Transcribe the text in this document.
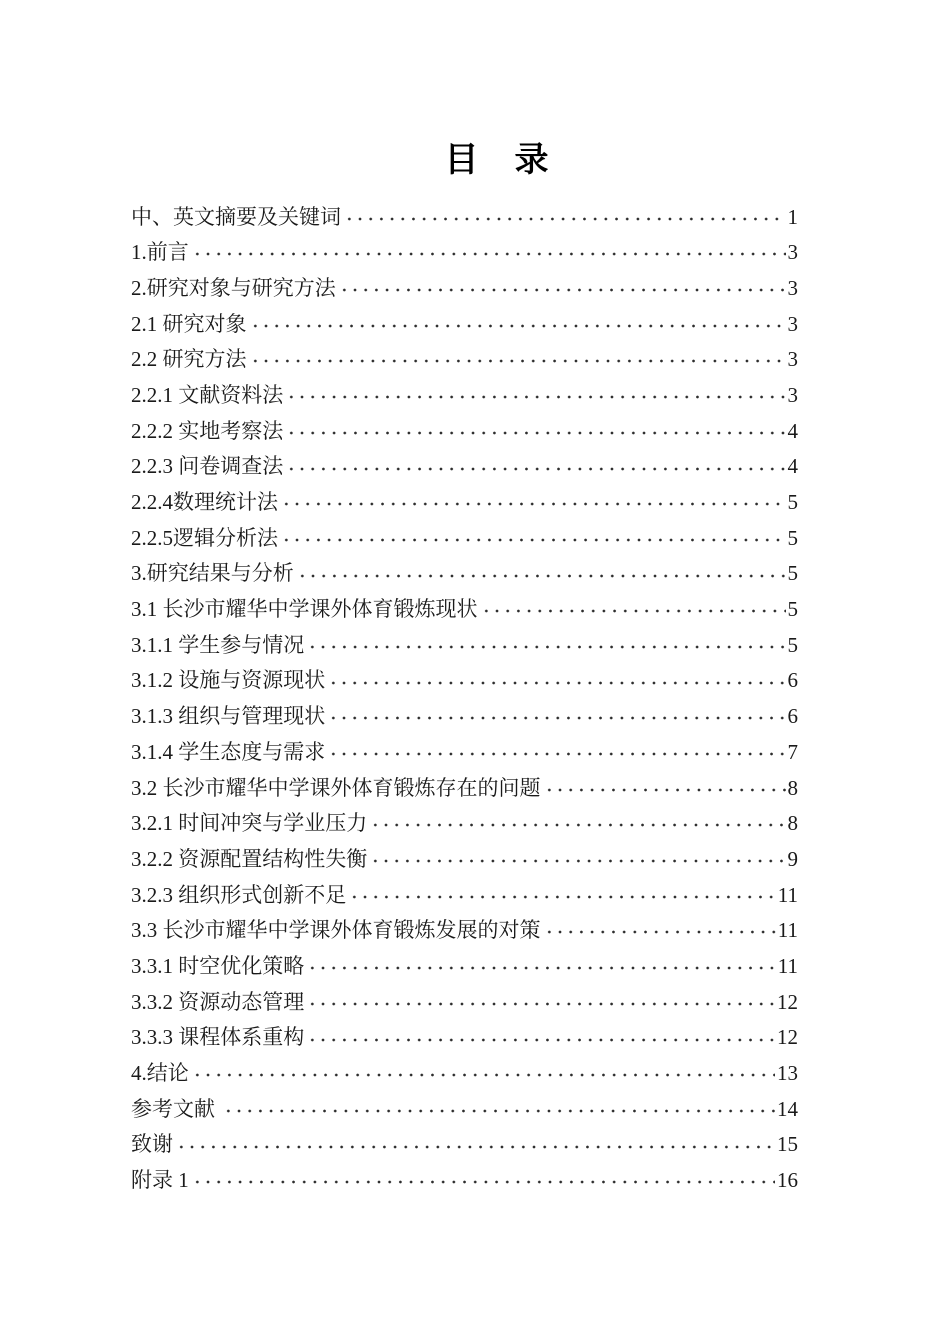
目　录
中、英文摘要及关键词	1
1.前言	3
2.研究对象与研究方法	3
2.1 研究对象	3
2.2 研究方法	3
2.2.1 文献资料法	3
2.2.2 实地考察法	4
2.2.3 问卷调查法	4
2.2.4数理统计法	5
2.2.5逻辑分析法	5
3.研究结果与分析	5
3.1 长沙市耀华中学课外体育锻炼现状	5
3.1.1 学生参与情况	5
3.1.2 设施与资源现状	6
3.1.3 组织与管理现状	6
3.1.4 学生态度与需求	7
3.2 长沙市耀华中学课外体育锻炼存在的问题	8
3.2.1 时间冲突与学业压力	8
3.2.2 资源配置结构性失衡	9
3.2.3 组织形式创新不足	11
3.3 长沙市耀华中学课外体育锻炼发展的对策	11
3.3.1 时空优化策略	11
3.3.2 资源动态管理	12
3.3.3 课程体系重构	12
4.结论	13
参考文献	14
致谢	15
附录 1	16
